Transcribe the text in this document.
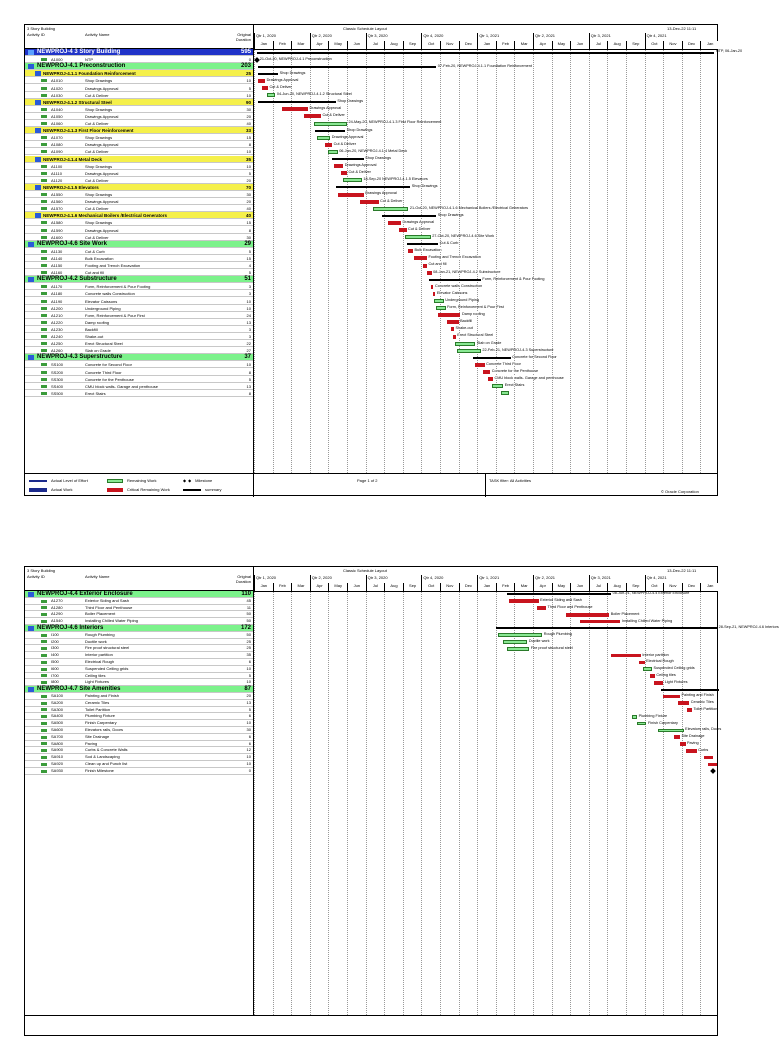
3 Story Building	Classic Schedule Layout	13-Dec-22 11:11
Activity ID	Activity Name	Original Duration
Qtr 1, 2020	Qtr 2, 2020	Qtr 3, 2020	Qtr 4, 2020	Qtr 1, 2021	Qtr 2, 2021	Qtr 3, 2021	Qtr 4, 2021
Jan	Feb	Mar	Apr	May	Jun	Jul	Aug	Sep	Oct	Nov	Dec	Jan	Feb	Mar	Apr	May	Jun	Jul	Aug	Sep	Oct	Nov	Dec	Jan
NTP, 06-Jan-20
21-Oct-20, NEWPROJ-4.1 Preconstruction
07-Feb-20, NEWPROJ-4.1.1 Foundation Reinforcement
Shop Drawings
Drawings Approval
Cut & Deliver
04-Jun-20, NEWPROJ-4.1.2 Structural Steel
Shop Drawings
Drawings Approval
Cut & Deliver
24-May-20, NEWPROJ-4.1.3 First Floor Reinforcement
Shop Drawings
Drawings Approval
Cut & Deliver
06-Jun-20, NEWPROJ-4.1.4 Metal Deck
Shop Drawings
Drawings Approval
Cut & Deliver
18-Sep-20 NEWPROJ-4.1.5 Elevators
Shop Drawings
Drawings Approval
Cut & Deliver
21-Oct-20, NEWPROJ-4.1.6 Mechanical Boilers /Electrical Generators
Shop Drawings
Drawings Approval
Cut & Deliver
27-Oct-20, NEWPROJ-4.6 Site Work
Cut & Curb
Bulk Excavation
Footing and Trench Excavation
Cut and fill
08-Jan-21, NEWPROJ-4.2 Substructure
Form, Reinforcement & Pour Footing
Concrete walls Construction
Elevator Caissons
Underground Piping
Form, Reinforcement & Pour First
Damp roofing
Backfill
Shake-out
Erect Structural Steel
Slab on Grade
22-Feb-21, NEWPROJ-4.3 Superstructure
Concrete for Second Floor
Concrete Third Floor
Concrete for the Penthouse
CMU block walls- Garage and penthouse
Erect Stairs
NEWPROJ-4 3 Story Building	595
A1000	NTP	0
NEWPROJ-4.1 Preconstruction	203
NEWPROJ-4.1.1 Foundation Reinforcement	25
A1010	Shop Drawings	10
A1020	Drawings Approval	5
A1030	Cut & Deliver	10
NEWPROJ-4.1.2 Structural Steel	90
A1040	Shop Drawings	30
A1050	Drawings Approval	20
A1060	Cut & Deliver	40
NEWPROJ-4.1.3 First Floor Reinforcement	33
A1070	Shop Drawings	15
A1080	Drawings Approval	8
A1090	Cut & Deliver	10
NEWPROJ-4.1.4 Metal Deck	35
A1100	Shop Drawings	10
A1110	Drawings Approval	5
A1120	Cut & Deliver	20
NEWPROJ-4.1.5 Elevators	70
A1550	Shop Drawings	30
A1560	Drawings Approval	20
A1570	Cut & Deliver	40
NEWPROJ-4.1.6 Mechanical Boilers /Electrical Generators	40
A1580	Shop Drawings	15
A1590	Drawings Approval	8
A1600	Cut & Deliver	30
NEWPROJ-4.6 Site Work	29
A1130	Cut & Curb	5
A1140	Bulk Excavation	15
A1150	Footing and Trench Excavation	4
A1160	Cut and fill	5
NEWPROJ-4.2 Substructure	51
A1170	Form, Reinforcement & Pour Footing	3
A1180	Concrete walls Construction	3
A1190	Elevator Caissons	10
A1200	Underground Piping	10
A1210	Form, Reinforcement & Pour First	24
A1220	Damp roofing	13
A1230	Backfill	3
A1240	Shake-out	3
A1250	Erect Structural Steel	22
A1260	Slab on Grade	27
NEWPROJ-4.3 Superstructure	37
SS100	Concrete for Second Floor	10
SS200	Concrete Third Floor	8
SS300	Concrete for the Penthouse	5
SS400	CMU block walls- Garage and penthouse	13
SS500	Erect Stairs	8
Actual Level of Effort
Actual Work
Remaining Work
Critical Remaining Work
◆ ◆ Milestone
summary
Page 1 of 2	TASK filter: All Activities
© Oracle Corporation
3 Story Building	Classic Schedule Layout	13-Dec-22 11:11
Activity ID	Activity Name	Original Duration
Qtr 1, 2020	Qtr 2, 2020	Qtr 3, 2020	Qtr 4, 2020	Qtr 1, 2021	Qtr 2, 2021	Qtr 3, 2021	Qtr 4, 2021
Jan	Feb	Mar	Apr	May	Jun	Jul	Aug	Sep	Oct	Nov	Dec	Jan	Feb	Mar	Apr	May	Jun	Jul	Aug	Sep	Oct	Nov	Dec	Jan
08-Jun-21, NEWPROJ-4.4 Exterior Enclosure
Exterior Siding and Sash
Third Floor and Penthouse
Boiler Placement
Installing Chilled Water Piping
28-Sep-21, NEWPROJ-4.6 Interiors
Rough Plumbing
Ductile work
Fire proof structural steel
Interior partition
Electrical Rough
Suspended Ceiling grids
Ceiling tiles
Light Fixtures
Painting and Finish
Ceramic Tiles
Toilet Partition
Plumbing Fixture
Finish Carpentary
Elevators rails, Doors
Site Drainage
Paving
Curbs
NEWPROJ-4.4 Exterior Enclosure	110
A1270	Exterior Siding and Sash	45
A1280	Third Floor and Penthouse	11
A1290	Boiler Placement	50
A1540	Installing Chilled Water Piping	50
NEWPROJ-4.6 Interiors	172
I100	Rough Plumbing	50
I200	Ductile work	25
I300	Fire proof structural steel	25
I400	Interior partition	35
I500	Electrical Rough	6
I600	Suspended Ceiling grids	10
I700	Ceiling tiles	5
I800	Light Fixtures	10
NEWPROJ-4.7 Site Amenities	87
SA100	Painting and Finish	20
SA200	Ceramic Tiles	13
SA300	Toilet Partition	5
SA400	Plumbing Fixture	6
SA500	Finish Carpentary	10
SA600	Elevators rails, Doors	30
SA700	Site Drainage	6
SA800	Paving	6
SA900	Curbs & Concrete Walls	12
SA910	Sod & Landscaping	10
SA920	Clean up and Punch list	10
SA930	Finish Milestone	0
